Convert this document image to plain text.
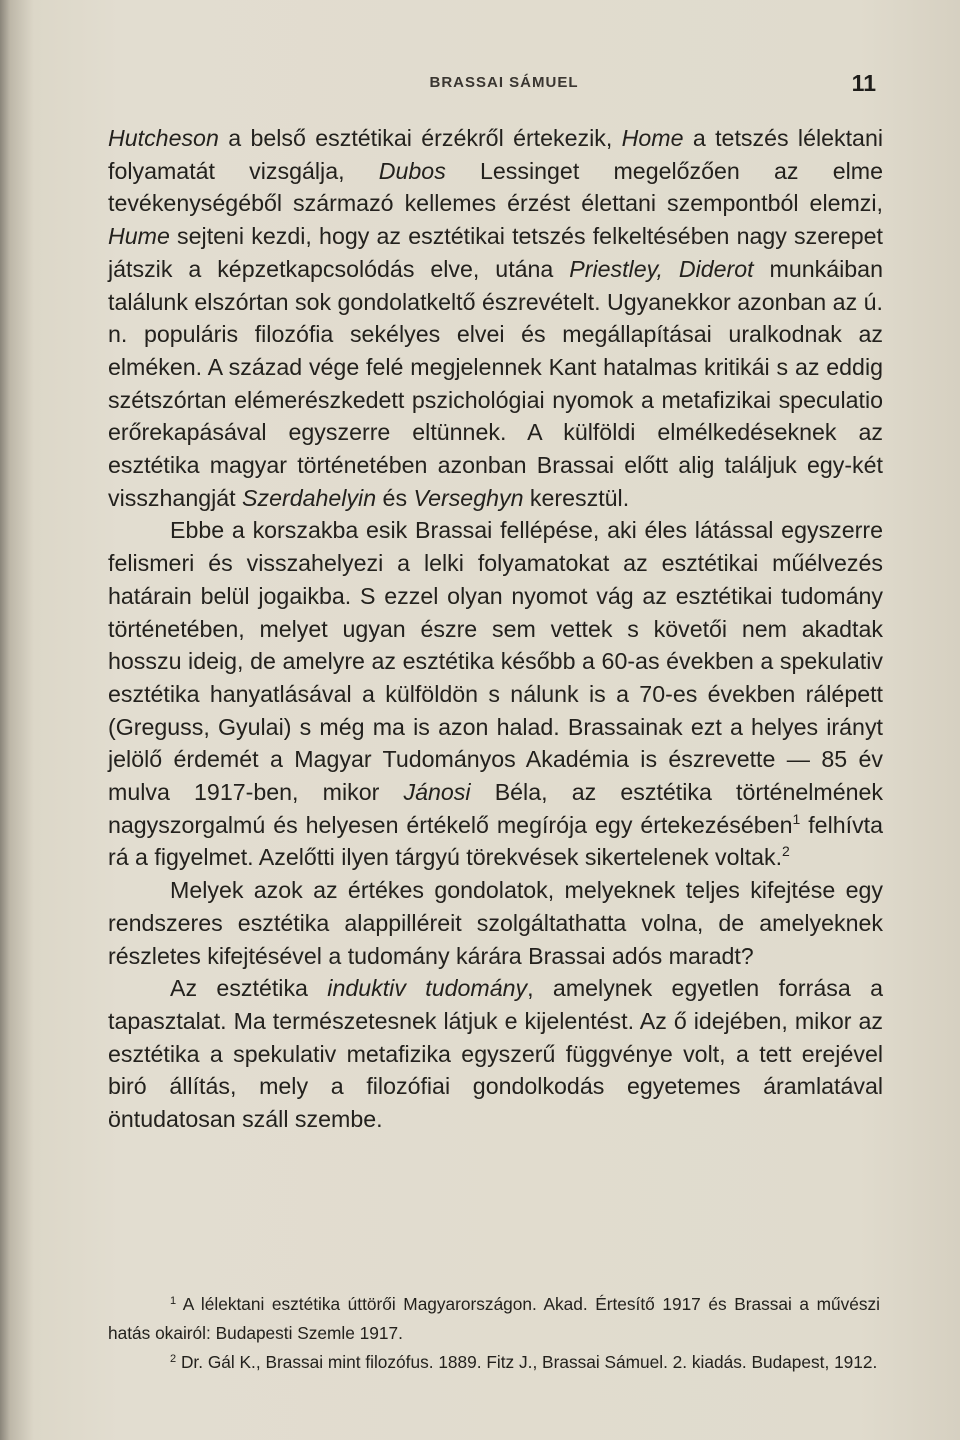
BRASSAI SÁMUEL	11

Hutcheson a belső esztétikai érzékről értekezik, Home a tetszés lélektani folyamatát vizsgálja, Dubos Lessinget megelőzően az elme tevékenységéből származó kellemes érzést élettani szempontból elemzi, Hume sejteni kezdi, hogy az esztétikai tetszés felkeltésében nagy szerepet játszik a képzetkapcsolódás elve, utána Priestley, Diderot munkáiban találunk elszórtan sok gondolatkeltő észrevételt. Ugyanekkor azonban az ú. n. populáris filozófia sekélyes elvei és megállapításai uralkodnak az elméken. A század vége felé megjelennek Kant hatalmas kritikái s az eddig szétszórtan elémerészkedett pszichológiai nyomok a metafizikai speculatio erőrekapásával egyszerre eltünnek. A külföldi elmélkedéseknek az esztétika magyar történetében azonban Brassai előtt alig találjuk egy-két visszhangját Szerdahelyin és Verseghyn keresztül.

Ebbe a korszakba esik Brassai fellépése, aki éles látással egyszerre felismeri és visszahelyezi a lelki folyamatokat az esztétikai műélvezés határain belül jogaikba. S ezzel olyan nyomot vág az esztétikai tudomány történetében, melyet ugyan észre sem vettek s követői nem akadtak hosszu ideig, de amelyre az esztétika később a 60-as években a spekulativ esztétika hanyatlásával a külföldön s nálunk is a 70-es években rálépett (Greguss, Gyulai) s még ma is azon halad. Brassainak ezt a helyes irányt jelölő érdemét a Magyar Tudományos Akadémia is észrevette — 85 év mulva 1917-ben, mikor Jánosi Béla, az esztétika történelmének nagyszorgalmú és helyesen értékelő megírója egy értekezésében$^1$ felhívta rá a figyelmet. Azelőtti ilyen tárgyú törekvések sikertelenek voltak.$^2$

Melyek azok az értékes gondolatok, melyeknek teljes kifejtése egy rendszeres esztétika alappilléreit szolgáltathatta volna, de amelyeknek részletes kifejtésével a tudomány kárára Brassai adós maradt?

Az esztétika induktiv tudomány, amelynek egyetlen forrása a tapasztalat. Ma természetesnek látjuk e kijelentést. Az ő idejében, mikor az esztétika a spekulativ metafizika egyszerű függvénye volt, a tett erejével biró állítás, mely a filozófiai gondolkodás egyetemes áramlatával öntudatosan száll szembe.

$^1$ A lélektani esztétika úttörői Magyarországon. Akad. Értesítő 1917 és Brassai a művészi hatás okairól: Budapesti Szemle 1917.

$^2$ Dr. Gál K., Brassai mint filozófus. 1889. Fitz J., Brassai Sámuel. 2. kiadás. Budapest, 1912.
